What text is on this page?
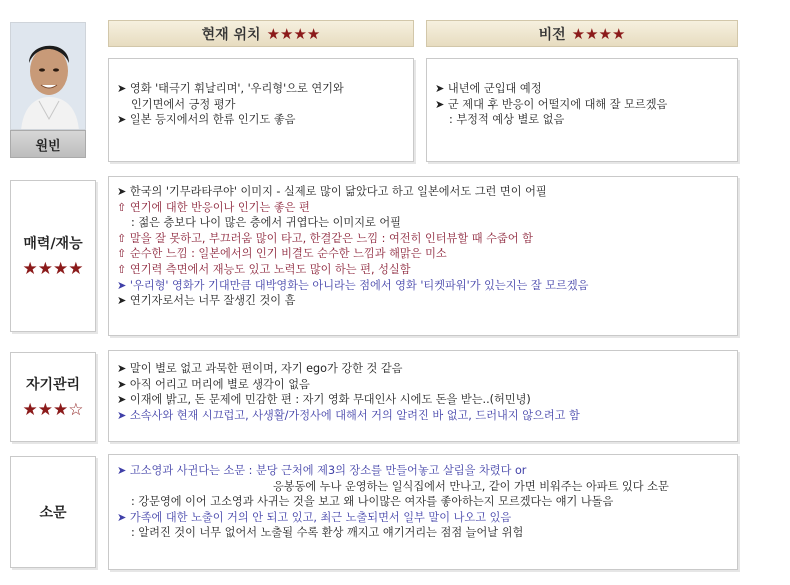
원빈
현재 위치 ★★★★	비전 ★★★★
➤ 영화 '태극기 휘날리며', '우리형'으로 연기와
인기면에서 긍정 평가
➤ 일본 등지에서의 한류 인기도 좋음
➤ 내년에 군입대 예정
➤ 군 제대 후 반응이 어떨지에 대해 잘 모르겠음
: 부정적 예상 별로 없음
매력/재능
★★★★
➤ 한국의 '기무라타쿠야' 이미지 - 실제로 많이 닮았다고 하고 일본에서도 그런 면이 어필
⇧ 연기에 대한 반응이나 인기는 좋은 편
: 젊은 층보다 나이 많은 층에서 귀엽다는 이미지로 어필
⇧ 말을 잘 못하고, 부끄러움 많이 타고, 한결같은 느낌 : 여전히 인터뷰할 때 수줍어 함
⇧ 순수한 느낌 : 일본에서의 인기 비결도 순수한 느낌과 해맑은 미소
⇧ 연기력 측면에서 재능도 있고 노력도 많이 하는 편, 성실함
➤ '우리형' 영화가 기대만큼 대박영화는 아니라는 점에서 영화 '티켓파워'가 있는지는 잘 모르겠음
➤ 연기자로서는 너무 잘생긴 것이 흠
자기관리
★★★☆
➤ 말이 별로 없고 과묵한 편이며, 자기 ego가 강한 것 같음
➤ 아직 어리고 머리에 별로 생각이 없음
➤ 이재에 밝고, 돈 문제에 민감한 편 : 자기 영화 무대인사 시에도 돈을 받는..(허민녕)
➤ 소속사와 현재 시끄럽고, 사생활/가정사에 대해서 거의 알려진 바 없고, 드러내지 않으려고 함
소문
➤ 고소영과 사귄다는 소문 : 분당 근처에 제3의 장소를 만들어놓고 살림을 차렸다 or
응봉동에 누나 운영하는 일식집에서 만나고, 같이 가면 비워주는 아파트 있다 소문
: 강문영에 이어 고소영과 사귀는 것을 보고 왜 나이많은 여자를 좋아하는지 모르겠다는 얘기 나돌음
➤ 가족에 대한 노출이 거의 안 되고 있고, 최근 노출되면서 일부 말이 나오고 있음
: 알려진 것이 너무 없어서 노출될 수록 환상 깨지고 얘기거리는 점점 늘어날 위험
